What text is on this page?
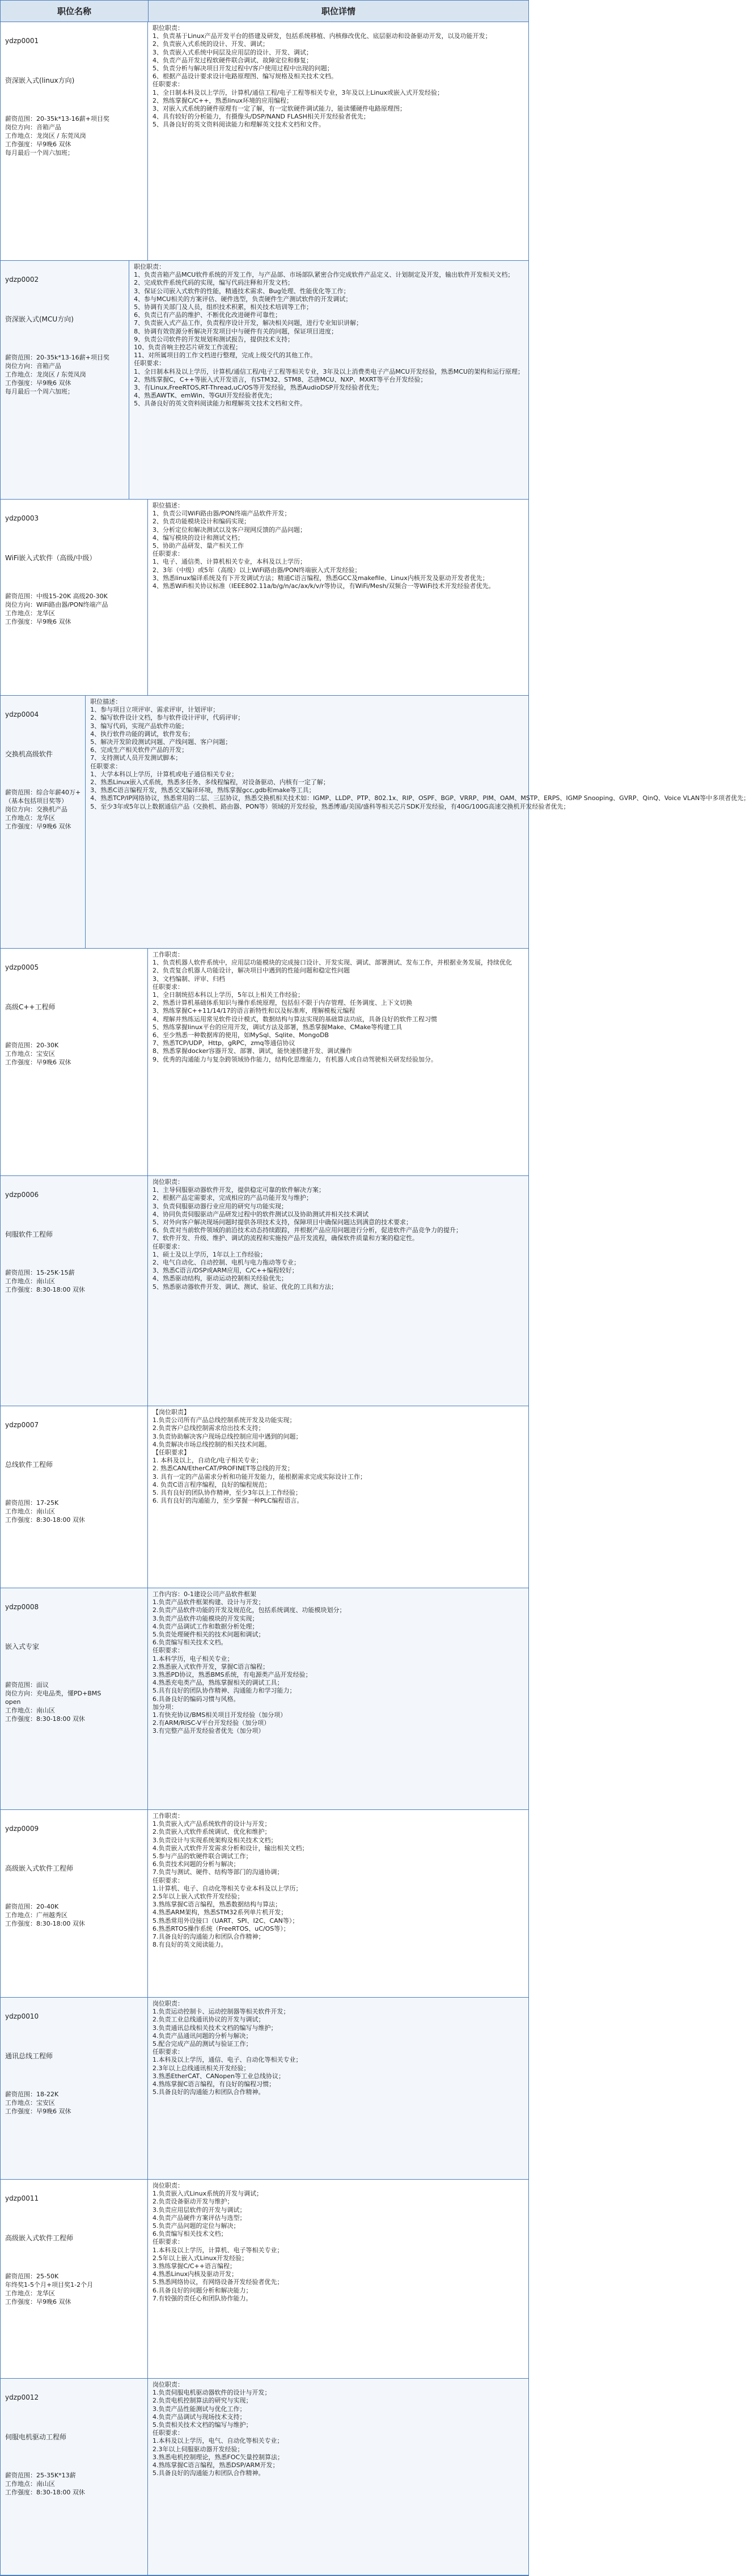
职位名称	职位详情
ydzp0001
资深嵌入式(linux方向)
薪资范围：20-35k*13-16薪+项目奖
岗位方向：音箱产品
工作地点：龙岗区 / 东莞凤岗
工作强度：早9晚6 双休
每月最后一个周六加班；
职位职责：
1、负责基于Linux产品开发平台的搭建及研发，包括系统移植、内核修改优化、底层驱动和设备驱动开发，以及功能开发；
2、负责嵌入式系统的设计、开发、调试；
3、负责嵌入式系统中间层及应用层的设计、开发、调试；
4、负责产品开发过程软硬件联合调试、故障定位和修复；
5、负责分析与解决项目开发过程中/客户使用过程中出现的问题；
6、根据产品设计要求设计电路原理图、编写规格及相关技术文档。
任职要求：
1、全日制本科及以上学历，计算机/通信工程/电子工程等相关专业，3年及以上Linux或嵌入式开发经验；
2、熟练掌握C/C++，熟悉linux环境的应用编程；
3、对嵌入式系统的硬件原理有一定了解，有一定软硬件调试能力，能读懂硬件电路原理图；
4、具有较好的分析能力，有摄像头/DSP/NAND FLASH相关开发经验者优先；
5、具备良好的英文资料阅读能力和理解英文技术文档和文件。
ydzp0002
资深嵌入式(MCU方向)
薪资范围：20-35k*13-16薪+项目奖
岗位方向：音箱产品
工作地点：龙岗区 / 东莞凤岗
工作强度：早9晚6 双休
每月最后一个周六加班；
职位职责：
1、负责音箱产品MCU软件系统的开发工作，与产品部、市场部队紧密合作完成软件产品定义、计划制定及开发，输出软件开发相关文档；
2、完成软件系统代码的实现，编写代码注释和开发文档；
3、保证公司嵌入式软件的性能，精通技术需求、Bug处理、性能优化等工作；
4、参与MCU相关的方案评估、硬件选型，负责硬件生产测试软件的开发调试；
5、协调有关部门及人员，组织技术积累，相关技术培训等工作；
6、负责已有产品的维护、不断优化改进硬件可靠性；
7、负责嵌入式产品工作，负责程序设计开发，解决相关问题，进行专业知识讲解；
8、协调有效资源分析解决开发项目中与硬件有关的问题，保证项目进度；
9、负责公司软件的开发规划和测试报告，提供技术支持；
10、负责音响主控芯片研发工作流程；
11、对所属项目的工作文档进行整理，完成上级交代的其他工作。
任职要求：
1、全日制本科及以上学历，计算机/通信工程/电子工程等相关专业，3年及以上消费类电子产品MCU开发经验，熟悉MCU的架构和运行原理；
2、熟练掌握C，C++等嵌入式开发语言，有STM32、STM8、芯唐MCU、NXP、MXRT等平台开发经验；
3、有Linux,FreeRTOS,RT-Thread,uC/OS等开发经验，熟悉AudioDSP开发经验者优先；
4、熟悉AWTK、emWin、等GUI开发经验者优先；
5、具备良好的英文资料阅读能力和理解英文技术文档和文件。
ydzp0003
WiFi嵌入式软件（高级/中级）
薪资范围：中级15-20K 高级20-30K
岗位方向：WiFi路由器/PON终端产品
工作地点：龙华区
工作强度：早9晚6 双休
职位描述：
1、负责公司WiFi路由器/PON终端产品软件开发；
2、负责功能模块设计和编码实现；
3、分析定位和解决测试以及客户现网反馈的产品问题；
4、编写模块的设计和测试文档；
5、协助产品研发、量产相关工作
任职要求：
1、电子、通信类、计算机相关专业，本科及以上学历；
2、3年（中级）或5年（高级）以上WiFi路由器/PON终端嵌入式开发经验；
3、熟悉linux编译系统及有下开发调试方法；精通C语言编程，熟悉GCC及makefile、Linux内核开发及驱动开发者优先；
4、熟悉WiFi相关协议标准（IEEE802.11a/b/g/n/ac/ax/k/v/r等协议，有WiFi/Mesh/双频合一等WiFi技术开发经验者优先。
ydzp0004
交换机高级软件
薪资范围：综合年薪40万+
（基本包括项目奖等）
岗位方向：交换机产品
工作地点：龙华区
工作强度：早9晚6 双休
职位描述：
1、参与项目立项评审、需求评审，计划评审；
2、编写软件设计文档，参与软件设计评审，代码评审；
3、编写代码，实现产品软件功能；
4、执行软件功能的调试，软件发布；
5、解决开发阶段测试问题、产线问题、客户问题；
6、完成生产相关软件产品的开发；
7、支持测试人员开发测试脚本；
任职要求：
1、大学本科以上学历，计算机或电子通信相关专业；
2、熟悉Linux嵌入式系统，熟悉多任务、多线程编程，对设备驱动、内核有一定了解；
3、熟悉C语言编程开发，熟悉交叉编译环境，熟练掌握gcc,gdb和make等工具；
4、熟悉TCP/IP网络协议，熟悉常用的二层、三层协议，熟悉交换机相关技术如：IGMP、LLDP、PTP、802.1x、RIP、OSPF、BGP、VRRP、PIM、OAM、MSTP、ERPS、IGMP Snooping、GVRP、QinQ、Voice VLAN等中多项者优先；
5、至少3年或5年以上数据通信产品（交换机、路由器、PON等）领域的开发经验，熟悉博通/美国/盛科等相关芯片SDK开发经验，有40G/100G高速交换机开发经验者优先；
ydzp0005
高级C++工程师
薪资范围：20-30K
工作地点：宝安区
工作强度：早9晚6 双休
工作职责：
1、负责机器人软件系统中，应用层功能模块的完成接口设计、开发实现、调试、部署测试、发布工作，并根据业务发展，持续优化
2、负责复合机器人功能设计，解决项目中遇到的性能问题和稳定性问题
3、文档编制、评审、归档
任职要求：
1、全日制统招本科以上学历，5年以上相关工作经验；
2、熟悉计算机基础体系知识与操作系统原理，包括但不限于内存管理、任务调度、上下文切换
3、熟练掌握C++11/14/17的语言新特性和以及标准库，理解模板元编程
4、理解并熟练运用常见软件设计模式，数据结构与算法实现的基础算法功底，具备良好的软件工程习惯
5、熟练掌握linux平台的应用开发，调试方法及部署，熟悉掌握Make、CMake等构建工具
6、至少熟悉一种数据库的使用，如MySql、Sqlite、MongoDB
7、熟悉TCP/UDP，Http，gRPC，zmq等通信协议
8、熟悉掌握docker容器开发、部署、调试，能快速搭建开发、调试操作
9、优秀的沟通能力与复杂跨领域协作能力，结构化思维能力，有机器人或自动驾驶相关研发经验加分。
ydzp0006
伺服软件工程师
薪资范围：15-25K·15薪
工作地点：南山区
工作强度：8:30-18:00 双休
岗位职责：
1、主导伺服驱动器软件开发，提供稳定可靠的软件解决方案；
2、根据产品定需要求，完成相应的产品功能开发与维护；
3、负责伺服驱动器行业应用的研究与功能实现；
4、协同负责伺服驱动产品研发过程中的软件测试以及协助测试并相关技术调试
5、对外向客户解决现场问题时提供各项技术支持，保障项目中确保问题达到满意的技术要求；
6、负责对当前软件领域的前沿技术动态持续跟踪，并根据产品应用问题进行分析，促进软件产品竞争力的提升；
7、软件开发、升级、维护、调试的流程和实施按产品开发流程，确保软件质量和方案的稳定性。
任职要求：
1、硕士及以上学历，1年以上工作经验；
2、电气自动化、自动控制、电机与电力拖动等专业；
3、熟悉C语言/DSP或ARM应用，C/C++编程较好；
4、熟悉驱动结构，驱动运动控制相关经验优先；
5、熟悉驱动器软件开发、调试、测试、验证、优化的工具和方法；
ydzp0007
总线软件工程师
薪资范围：17-25K
工作地点：南山区
工作强度：8:30-18:00 双休
【岗位职责】
1.负责公司所有产品总线控制系统开发及功能实现；
2.负责客户总线控制需求给出技术支持；
3.负责协助解决客户现场总线控制应用中遇到的问题；
4.负责解决市场总线控制的相关技术问题。
【任职要求】
1. 本科及以上，自动化/电子相关专业；
2. 熟悉CAN/EtherCAT/PROFINET等总线的开发；
3. 具有一定的产品需求分析和功能开发能力，能根据需求完成实际设计工作；
4. 负责C语言程序编程，良好的编程规范；
5. 具有良好的团队协作精神，至少3年以上工作经验；
6. 具有良好的沟通能力，至少掌握一种PLC编程语言。
ydzp0008
嵌入式专家
薪资范围：面议
岗位方向：充电品类，懂PD+BMS
open
工作地点：南山区
工作强度：8:30-18:00 双休
工作内容：0-1建设公司产品软件框架
1.负责产品软件框架构建、设计与开发；
2.负责产品软件功能的开发及规范化，包括系统调度、功能模块划分；
3.负责产品软件功能模块的开发实现；
4.负责产品调试工作和数据分析处理；
5.负责处理硬件相关的技术问题和调试；
6.负责编写相关技术文档。
任职要求：
1.本科学历，电子相关专业；
2.熟悉嵌入式软件开发，掌握C语言编程；
3.熟悉PD协议，熟悉BMS系统，有电源类产品开发经验；
4.熟悉充电类产品，熟练掌握相关的调试工具；
5.具有良好的团队协作精神、沟通能力和学习能力；
6.具备良好的编码习惯与风格。
加分项：
1.有快充协议/BMS相关项目开发经验（加分项）
2.有ARM/RISC-V平台开发经验（加分项）
3.有完整产品开发经验者优先（加分项）
ydzp0009
高级嵌入式软件工程师
薪资范围：20-40K
工作地点：广州越秀区
工作强度：8:30-18:00 双休
工作职责：
1.负责嵌入式产品系统软件的设计与开发；
2.负责嵌入式软件系统调试、优化和维护；
3.负责设计与实现系统架构及相关技术文档；
4.负责嵌入式软件开发需求分析和设计，输出相关文档；
5.参与产品的软硬件联合调试工作；
6.负责技术问题的分析与解决；
7.负责与测试、硬件、结构等部门的沟通协调；
任职要求：
1.计算机、电子、自动化等相关专业本科及以上学历；
2.5年以上嵌入式软件开发经验；
3.熟练掌握C语言编程，熟悉数据结构与算法；
4.熟悉ARM架构，熟悉STM32系列单片机开发；
5.熟悉常用外设接口（UART、SPI、I2C、CAN等）；
6.熟悉RTOS操作系统（FreeRTOS、uC/OS等）；
7.具备良好的沟通能力和团队合作精神；
8.有良好的英文阅读能力。
ydzp0010
通讯总线工程师
薪资范围：18-22K
工作地点：宝安区
工作强度：早9晚6 双休
岗位职责：
1.负责运动控制卡、运动控制器等相关软件开发；
2.负责工业总线通讯协议的开发与调试；
3.负责通讯总线相关技术文档的编写与维护；
4.负责产品通讯问题的分析与解决；
5.配合完成产品的测试与验证工作；
任职要求：
1.本科及以上学历，通信、电子、自动化等相关专业；
2.3年以上总线通讯相关开发经验；
3.熟悉EtherCAT、CANopen等工业总线协议；
4.熟练掌握C语言编程，有良好的编程习惯；
5.具备良好的沟通能力和团队合作精神。
ydzp0011
高级嵌入式软件工程师
薪资范围：25-50K
年终奖1-5个月+项目奖1-2个月
工作地点：龙华区
工作强度：早9晚6 双休
岗位职责：
1.负责嵌入式Linux系统的开发与调试；
2.负责设备驱动开发与维护；
3.负责应用层软件的开发与调试；
4.负责产品硬件方案评估与选型；
5.负责产品问题的定位与解决；
6.负责编写相关技术文档；
任职要求：
1.本科及以上学历，计算机、电子等相关专业；
2.5年以上嵌入式Linux开发经验；
3.熟练掌握C/C++语言编程；
4.熟悉Linux内核及驱动开发；
5.熟悉网络协议，有网络设备开发经验者优先；
6.具备良好的问题分析和解决能力；
7.有较强的责任心和团队协作能力。
ydzp0012
伺服电机驱动工程师
薪资范围：25-35K*13薪
工作地点：南山区
工作强度：8:30-18:00 双休
岗位职责：
1.负责伺服电机驱动器软件的设计与开发；
2.负责电机控制算法的研究与实现；
3.负责产品性能测试与优化工作；
4.负责产品调试与现场技术支持；
5.负责相关技术文档的编写与维护；
任职要求：
1.本科及以上学历，电气、自动化等相关专业；
2.3年以上伺服驱动器开发经验；
3.熟悉电机控制理论，熟悉FOC矢量控制算法；
4.熟练掌握C语言编程，熟悉DSP/ARM开发；
5.具备良好的沟通能力和团队合作精神。
